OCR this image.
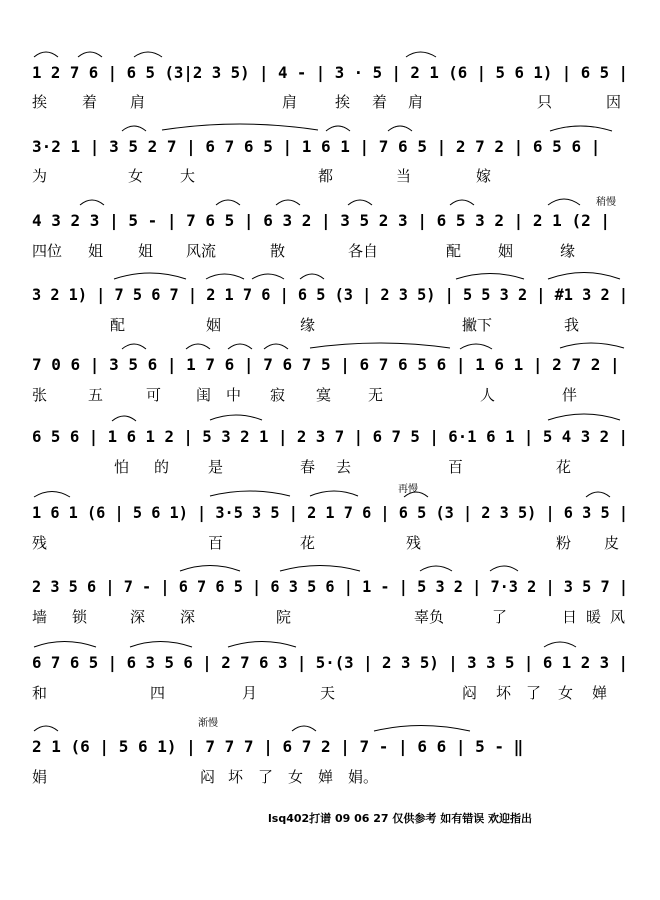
1 2 7 6 | 6 5 (3|2 3 5) | 4 - | 3 · 5 | 2 1 (6 | 5 6 1) | 6 5 |
挨 着 肩	肩	挨 着 肩	只	因
3·2 1 | 3 5 2 7 | 6 7 6 5 | 1 6 1 | 7 6 5 | 2 7 2 | 6 5 6 |
为	女 大	都	当	嫁
稍慢
4 3 2 3 | 5 - | 7 6 5 | 6 3 2 | 3 5 2 3 | 6 5 3 2 | 2 1 (2 |
四位 姐 姐 风流	散	各自	配 姻	缘
3 2 1) | 7 5 6 7 | 2 1 7 6 | 6 5 (3 | 2 3 5) | 5 5 3 2 | #1 3 2 |
配	姻	缘	撇下	我
7 0 6 | 3 5 6 | 1 7 6 | 7 6 7 5 | 6 7 6 5 6 | 1 6 1 | 2 7 2 |
张	五	可 闺 中 寂 寞 无	人	伴
6 5 6 | 1 6 1 2 | 5 3 2 1 | 2 3 7 | 6 7 5 | 6·1 6 1 | 5 4 3 2 |
怕 的	是	春 去	百	花
再慢
1 6 1 (6 | 5 6 1) | 3·5 3 5 | 2 1 7 6 | 6 5 (3 | 2 3 5) | 6 3 5 |
残	百	花	残	粉 皮
2 3 5 6 | 7 - | 6 7 6 5 | 6 3 5 6 | 1 - | 5 3 2 | 7·3 2 | 3 5 7 |
墙 锁	深 深	院	辜负	了	日 暖 风
6 7 6 5 | 6 3 5 6 | 2 7 6 3 | 5·(3 | 2 3 5) | 3 3 5 | 6 1 2 3 |
和	四	月	天	闷 坏 了 女 婵
渐慢
2 1 (6 | 5 6 1) | 7 7 7 | 6 7 2 | 7 - | 6 6 | 5 - ‖
娟	闷 坏 了 女 婵 娟。
lsq402打谱 09 06 27 仅供参考 如有错误 欢迎指出
